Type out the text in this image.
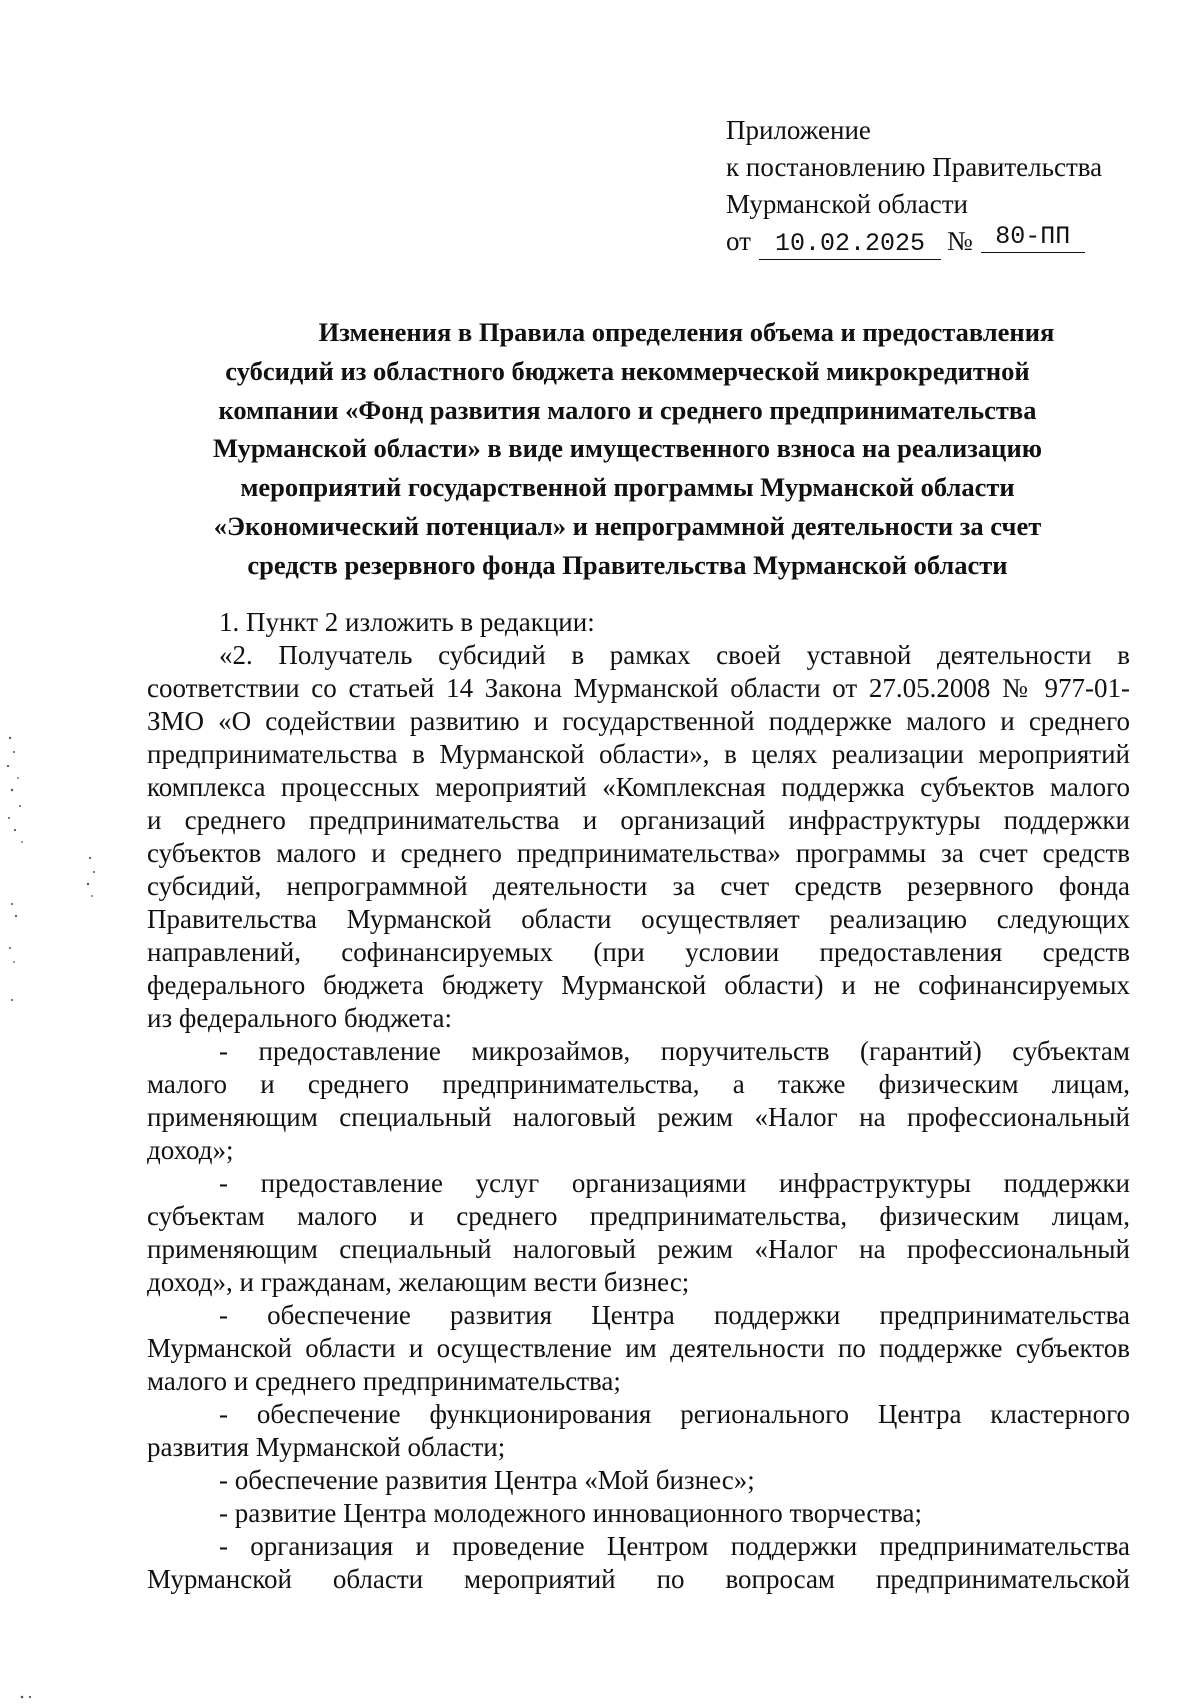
Приложение
к постановлению Правительства
Мурманской области
от 10.02.2025 № 80-ПП
Изменения в Правила определения объема и предоставления
субсидий из областного бюджета некоммерческой микрокредитной
компании «Фонд развития малого и среднего предпринимательства
Мурманской области» в виде имущественного взноса на реализацию
мероприятий государственной программы Мурманской области
«Экономический потенциал» и непрограммной деятельности за счет
средств резервного фонда Правительства Мурманской области

1. Пункт 2 изложить в редакции:

«2. Получатель субсидий в рамках своей уставной деятельности в

соответствии со статьей 14 Закона Мурманской области от 27.05.2008 № 977-01-

ЗМО «О содействии развитию и государственной поддержке малого и среднего

предпринимательства в Мурманской области», в целях реализации мероприятий

комплекса процессных мероприятий «Комплексная поддержка субъектов малого

и среднего предпринимательства и организаций инфраструктуры поддержки

субъектов малого и среднего предпринимательства» программы за счет средств

субсидий, непрограммной деятельности за счет средств резервного фонда

Правительства Мурманской области осуществляет реализацию следующих

направлений, софинансируемых (при условии предоставления средств

федерального бюджета бюджету Мурманской области) и не софинансируемых

из федерального бюджета:

- предоставление микрозаймов, поручительств (гарантий) субъектам

малого и среднего предпринимательства, а также физическим лицам,

применяющим специальный налоговый режим «Налог на профессиональный

доход»;

- предоставление услуг организациями инфраструктуры поддержки

субъектам малого и среднего предпринимательства, физическим лицам,

применяющим специальный налоговый режим «Налог на профессиональный

доход», и гражданам, желающим вести бизнес;

- обеспечение развития Центра поддержки предпринимательства

Мурманской области и осуществление им деятельности по поддержке субъектов

малого и среднего предпринимательства;

- обеспечение функционирования регионального Центра кластерного

развития Мурманской области;

- обеспечение развития Центра «Мой бизнес»;

- развитие Центра молодежного инновационного творчества;

- организация и проведение Центром поддержки предпринимательства

Мурманской области мероприятий по вопросам предпринимательской
